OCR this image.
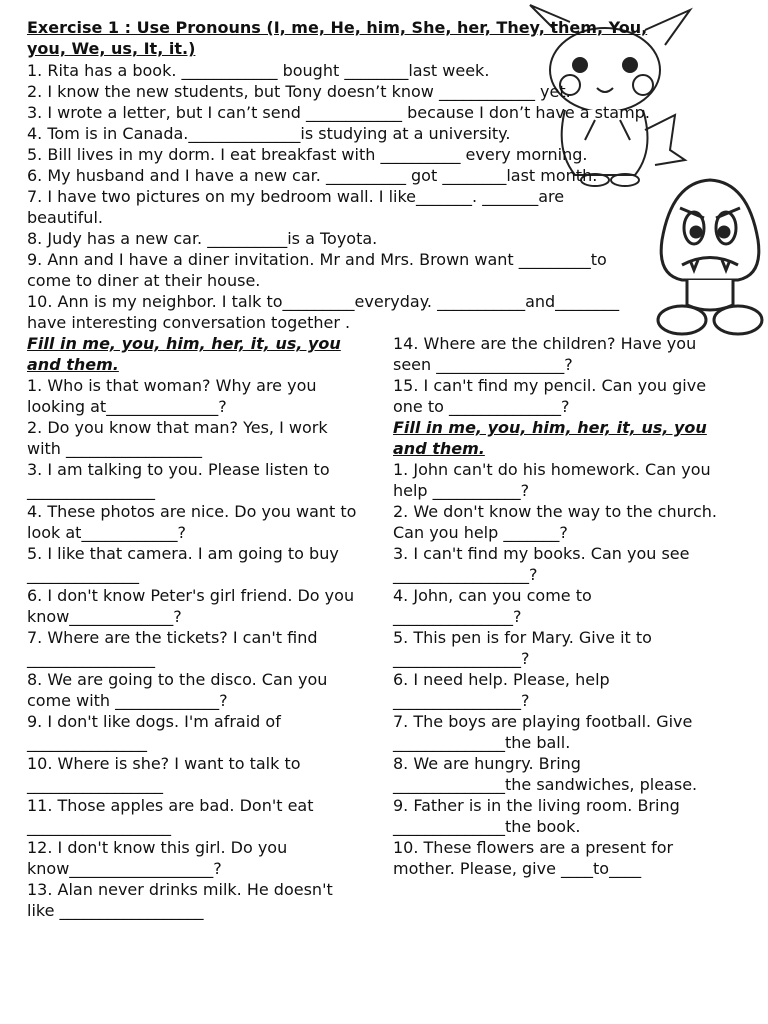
Exercise 1 : Use Pronouns (I, me, He, him, She, her, They, them, You,
you, We, us, It, it.)
1. Rita has a book. ____________ bought ________last week.
2. I know the new students, but Tony doesn’t know ____________ yet.
3. I wrote a letter, but I can’t send ____________ because I don’t have a stamp.
4. Tom is in Canada.______________is studying at a university.
5. Bill lives in my dorm. I eat breakfast with __________ every morning.
6. My husband and I have a new car. __________ got ________last month.
7. I have two pictures on my bedroom wall. I like_______. _______are
beautiful.
8. Judy has a new car. __________is a Toyota.
9. Ann and I have a diner invitation. Mr and Mrs. Brown want _________to
come to diner at their house.
10. Ann is my neighbor. I talk to_________everyday. ___________and________
have interesting conversation together .
Fill in me, you, him, her, it, us, you
and them.
1. Who is that woman? Why are you
looking at______________?
2. Do you know that man? Yes, I work
with _________________
3. I am talking to you. Please listen to
________________
4. These photos are nice. Do you want to
look at____________?
5. I like that camera. I am going to buy
______________
6. I don't know Peter's girl friend. Do you
know_____________?
7. Where are the tickets? I can't find
________________
8. We are going to the disco. Can you
come with _____________?
9. I don't like dogs. I'm afraid of
_______________
10. Where is she? I want to talk to
_________________
11. Those apples are bad. Don't eat
__________________
12. I don't know this girl. Do you
know__________________?
13. Alan never drinks milk. He doesn't
like __________________
14. Where are the children? Have you
seen ________________?
15. I can't find my pencil. Can you give
one to ______________?
Fill in me, you, him, her, it, us, you
and them.
1. John can't do his homework. Can you
help ___________?
2. We don't know the way to the church.
Can you help _______?
3. I can't find my books. Can you see
_________________?
4. John, can you come to
_______________?
5. This pen is for Mary. Give it to
________________?
6. I need help. Please, help
________________?
7. The boys are playing football. Give
______________the ball.
8. We are hungry. Bring
______________the sandwiches, please.
9. Father is in the living room. Bring
______________the book.
10. These flowers are a present for
mother. Please, give ____to____
